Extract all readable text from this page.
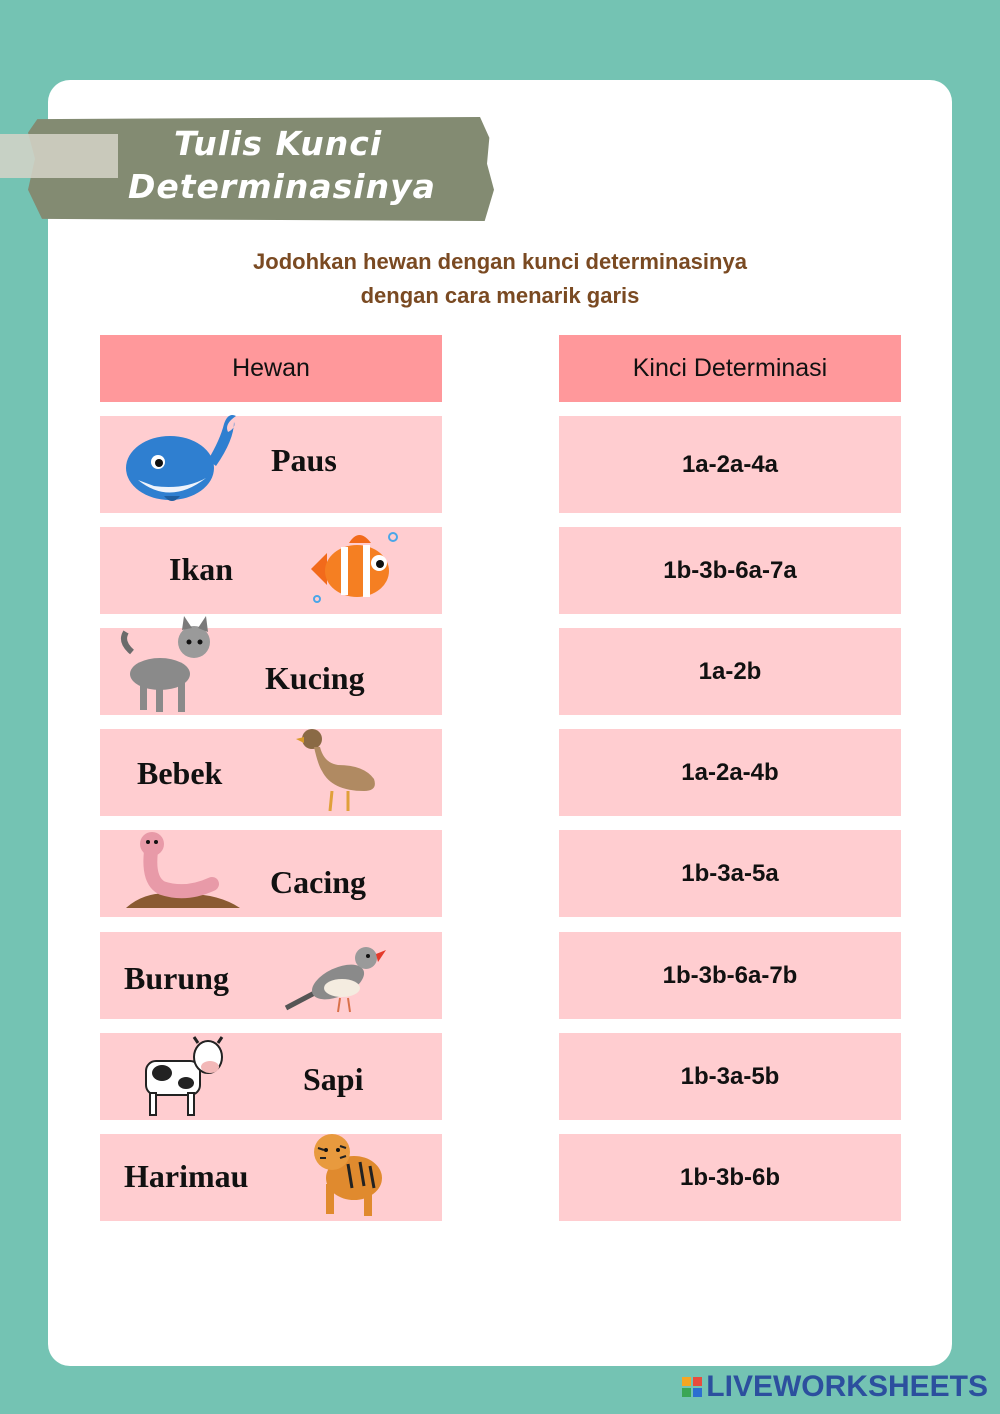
Tulis Kunci
Determinasinya
Jodohkan hewan dengan kunci determinasinya
dengan cara menarik garis
Hewan	Kinci Determinasi
Paus	1a-2a-4a
Ikan	1b-3b-6a-7a
Kucing	1a-2b
Bebek	1a-2a-4b
Cacing	1b-3a-5a
Burung	1b-3b-6a-7b
Sapi	1b-3a-5b
Harimau	1b-3b-6b
LIVEWORKSHEETS
